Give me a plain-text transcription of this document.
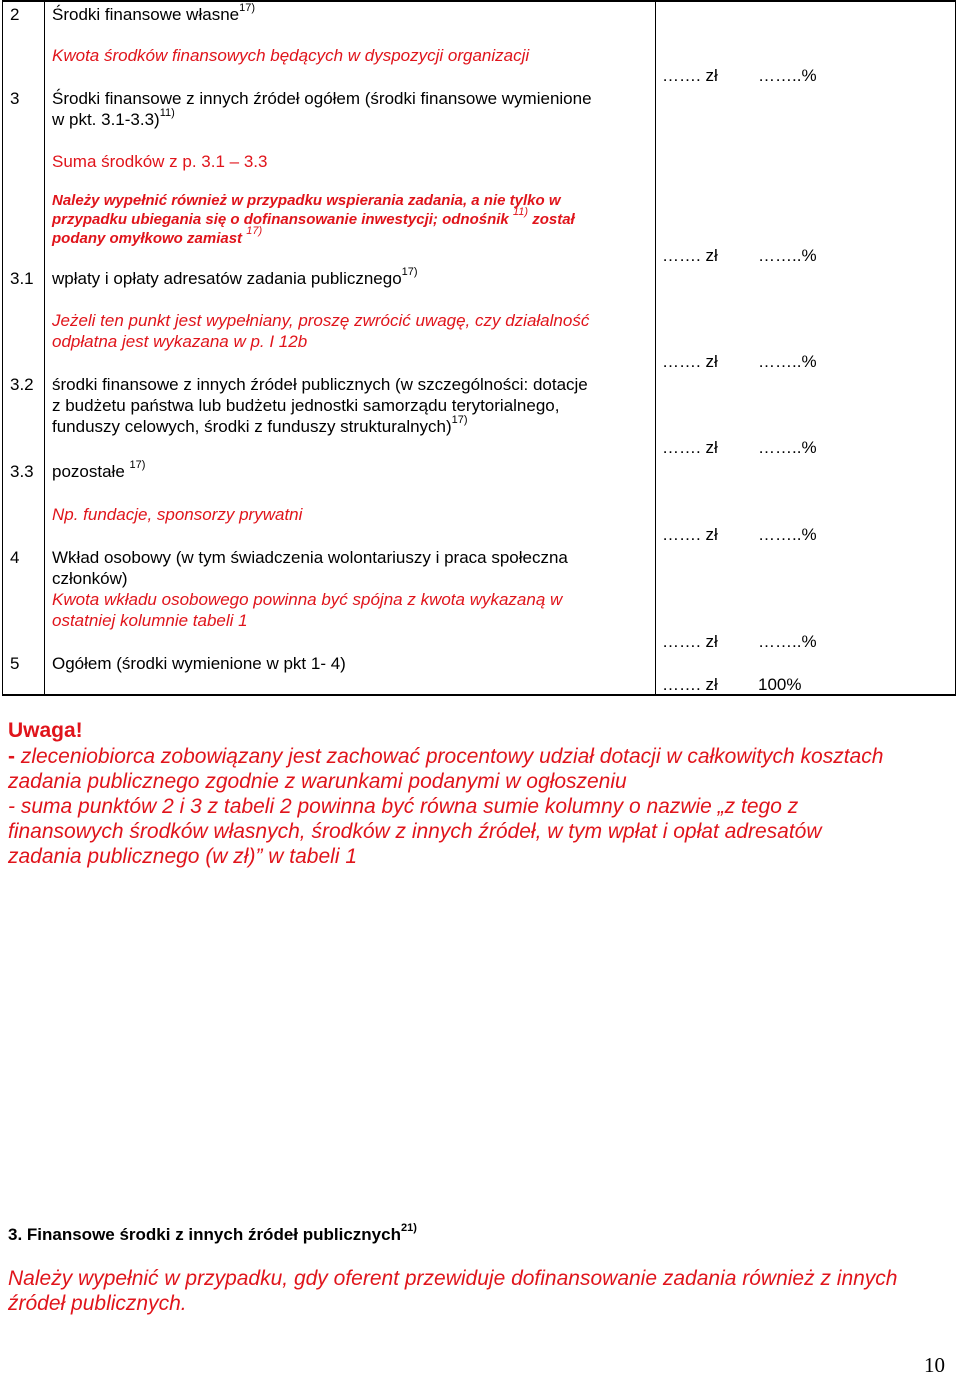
2 Środki finansowe własne$^{17)}$
Kwota środków finansowych będących w dyspozycji organizacji
……. zł ……..%
3 Środki finansowe z innych źródeł ogółem (środki finansowe wymienione
w pkt. 3.1-3.3)$^{11)}$
Suma środków z p. 3.1 – 3.3
Należy wypełnić również w przypadku wspierania zadania, a nie tylko w
przypadku ubiegania się o dofinansowanie inwestycji; odnośnik $^{11)}$ został
podany omyłkowo zamiast $^{17)}$
……. zł ……..%
3.1 wpłaty i opłaty adresatów zadania publicznego$^{17)}$
Jeżeli ten punkt jest wypełniany, proszę zwrócić uwagę, czy działalność
odpłatna jest wykazana w p. I 12b
……. zł ……..%
3.2 środki finansowe z innych źródeł publicznych (w szczególności: dotacje
z budżetu państwa lub budżetu jednostki samorządu terytorialnego,
funduszy celowych, środki z funduszy strukturalnych)$^{17)}$
……. zł ……..%
3.3 pozostałe $^{17)}$
Np. fundacje, sponsorzy prywatni
……. zł ……..%
4 Wkład osobowy (w tym świadczenia wolontariuszy i praca społeczna
członków)
Kwota wkładu osobowego powinna być spójna z kwota wykazaną w
ostatniej kolumnie tabeli 1
……. zł ……..%
5 Ogółem (środki wymienione w pkt 1- 4)
……. zł 100%
Uwaga!
- zleceniobiorca zobowiązany jest zachować procentowy udział dotacji w całkowitych kosztach
zadania publicznego zgodnie z warunkami podanymi w ogłoszeniu
- suma punktów 2 i 3 z tabeli 2 powinna być równa sumie kolumny o nazwie „z tego z
finansowych środków własnych, środków z innych źródeł, w tym wpłat i opłat adresatów
zadania publicznego (w zł)” w tabeli 1
3. Finansowe środki z innych źródeł publicznych$^{21)}$
Należy wypełnić w przypadku, gdy oferent przewiduje dofinansowanie zadania również z innych
źródeł publicznych.
10
